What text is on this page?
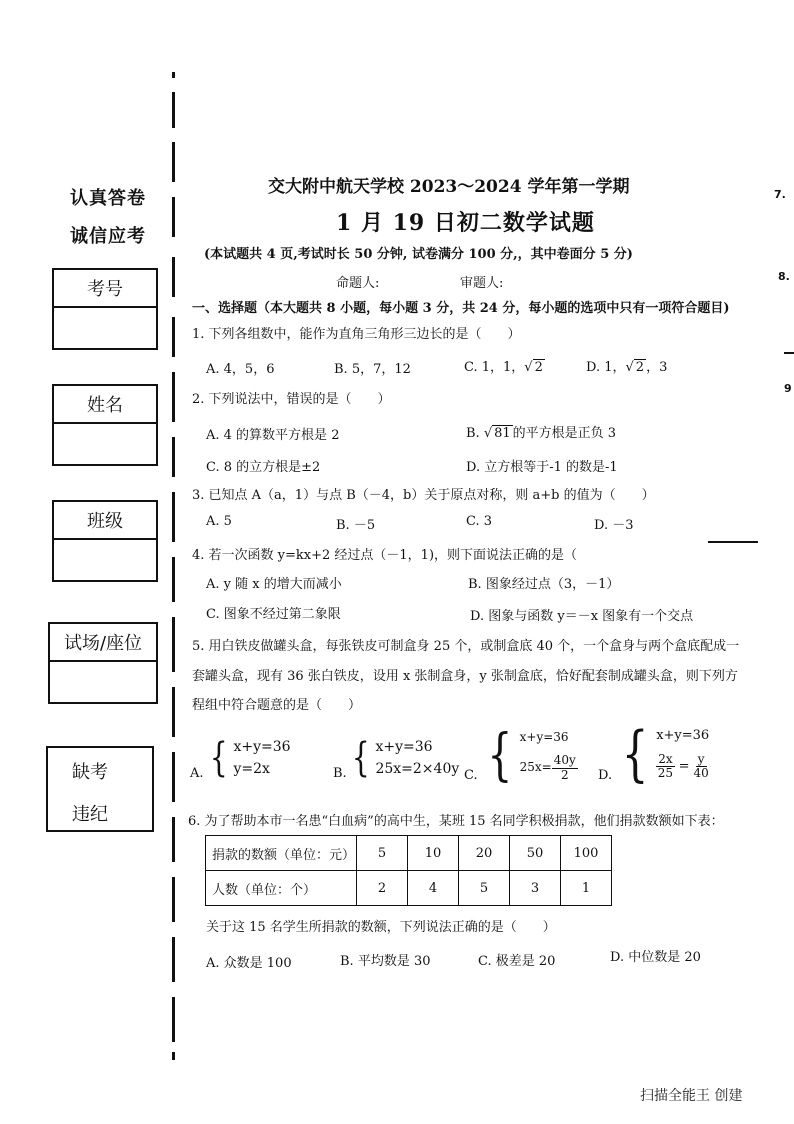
认真答卷
诚信应考
考号
姓名
班级
试场/座位
缺考
违纪
交大附中航天学校 2023～2024 学年第一学期
1 月 19 日初二数学试题
(本试题共 4 页,考试时长 50 分钟, 试卷满分 100 分,，其中卷面分 5 分)
命题人:	审题人:
一、选择题（本大题共 8 小题，每小题 3 分，共 24 分，每小题的选项中只有一项符合题目)
1. 下列各组数中，能作为直角三角形三边长的是（　　）
A. 4，5，6	B. 5，7，12	C. 1，1，√ 2	D. 1，√ 2 ，3
2. 下列说法中，错误的是（　　）
A. 4 的算数平方根是 2	B. √ 81 的平方根是正负 3
C. 8 的立方根是±2	D. 立方根等于-1 的数是-1
3. 已知点 A（a，1）与点 B（－4，b）关于原点对称，则 a+b 的值为（　　）
A. 5	B. －5	C. 3	D. －3
4. 若一次函数 y=kx+2 经过点（－1，1)，则下面说法正确的是（
A. y 随 x 的增大而减小	B. 图象经过点（3，－1）
C. 图象不经过第二象限	D. 图象与函数 y＝－x 图象有一个交点
5. 用白铁皮做罐头盒，每张铁皮可制盒身 25 个，或制盒底 40 个，一个盒身与两个盒底配成一
套罐头盒，现有 36 张白铁皮，设用 x 张制盒身，y 张制盒底，恰好配套制成罐头盒，则下列方
程组中符合题意的是（　　）
A. { x+y=36
y=2x	B. { x+y=36
25x=2×40y C. { x+y=36
$25x= \frac{40y}{2} D$. { x+y=36
$\frac{2x}{25} = \frac{y}{40}$
6. 为了帮助本市一名患“白血病”的高中生，某班 15 名同学积极捐款，他们捐款数额如下表：
捐款的数额（单位：元）	5	10	20	50	100
人数（单位：个）	2	4	5	3	1
关于这 15 名学生所捐款的数额，下列说法正确的是（　　）
A. 众数是 100	B. 平均数是 30	C. 极差是 20	D. 中位数是 20
7.
8.
9
扫描全能王 创建
